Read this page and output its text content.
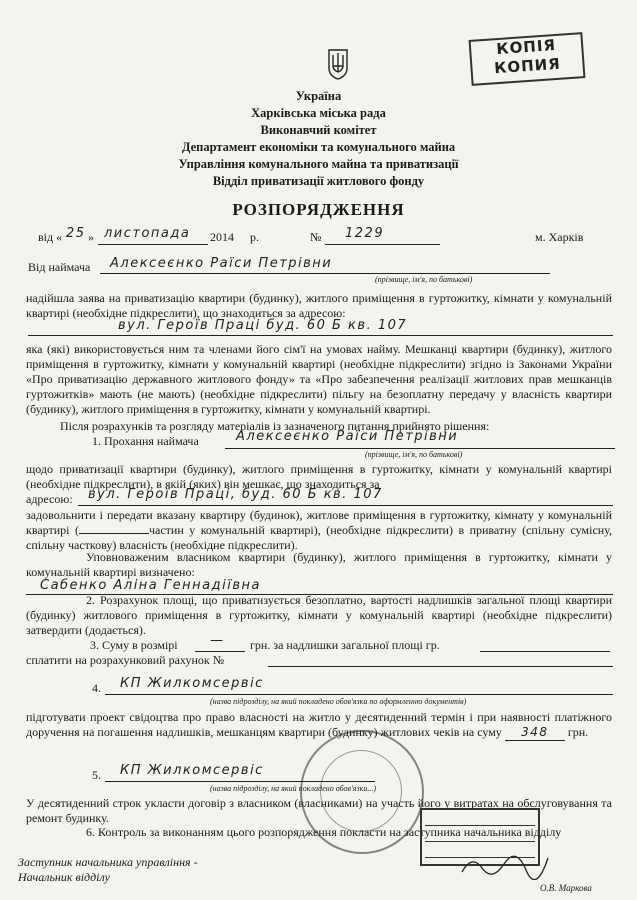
КОПІЯ
КОПИЯ
Україна
Харківська міська рада
Виконавчий комітет
Департамент економіки та комунального майна
Управління комунального майна та приватизації
Відділ приватизації житлового фонду
РОЗПОРЯДЖЕННЯ
від « 25 » листопада 2014 р.	№ 1229	м. Харків
Від наймача Алексеєнко Раїси Петрівни
(прізвище, ім'я, по батькові)
надійшла заява на приватизацію квартири (будинку), житлого приміщення в гуртожитку, кімнати у комунальній квартирі (необхідне підкреслити), що знаходиться за адресою:
вул. Героїв Праці буд. 60 Б кв. 107
яка (які) використовується ним та членами його сім'ї на умовах найму. Мешканці квартири (будинку), житлого приміщення в гуртожитку, кімнати у комунальній квартирі (необхідне підкреслити) згідно із Законами України «Про приватизацію державного житлового фонду» та «Про забезпечення реалізації житлових прав мешканців гуртожитків» мають (не мають) (необхідне підкреслити) пільгу на безоплатну передачу у власність квартири (будинку), житлого приміщення в гуртожитку, кімнати у комунальній квартирі.
Після розрахунків та розгляду матеріалів із зазначеного питання прийнято рішення:
1. Прохання наймача	Алексеєнко Раїси Петрівни
(прізвище, ім'я, по батькові)
щодо приватизації квартири (будинку), житлого приміщення в гуртожитку, кімнати у комунальній квартирі (необхідне підкреслити), в якій (яких) він мешкає, що знаходиться за
адресою: вул. Героїв Праці, буд. 60 Б кв. 107
задовольнити і передати вказану квартиру (будинок), житлове приміщення в гуртожитку, кімнату у комунальній квартирі (	частин у комунальній квартирі), (необхідне підкреслити) в приватну (спільну сумісну, спільну часткову) власність (необхідне підкреслити).
Уповноваженим власником квартири (будинку), житлого приміщення в гуртожитку, кімнати у комунальній квартирі визначено:
Сабенко Аліна Геннадіївна
2. Розрахунок площі, що приватизується безоплатно, вартості надлишків загальної площі квартири (будинку) житлового приміщення в гуртожитку, кімнати у комунальній квартирі (необхідне підкреслити) затвердити (додається).
3. Суму в розмірі — грн. за надлишки загальної площі гр.
сплатити на розрахунковий рахунок №
4. КП Жилкомсервіс
(назва підрозділу, на який покладено обов'язки по оформленню документів)
підготувати проект свідоцтва про право власності на житло у десятиденний термін і при наявності платіжного доручення на погашення надлишків, мешканцям квартири (будинку) житлових чеків на суму 348 грн.
5. КП Жилкомсервіс
(назва підрозділу, на який покладено обов'язки...)
У десятиденний строк укласти договір з власником (власниками) на участь його у витратах на обслуговування та ремонт будинку.
6. Контроль за виконанням цього розпорядження покласти на заступника начальника відділу
Заступник начальника управління -
Начальник відділу
О.В. Маркова
